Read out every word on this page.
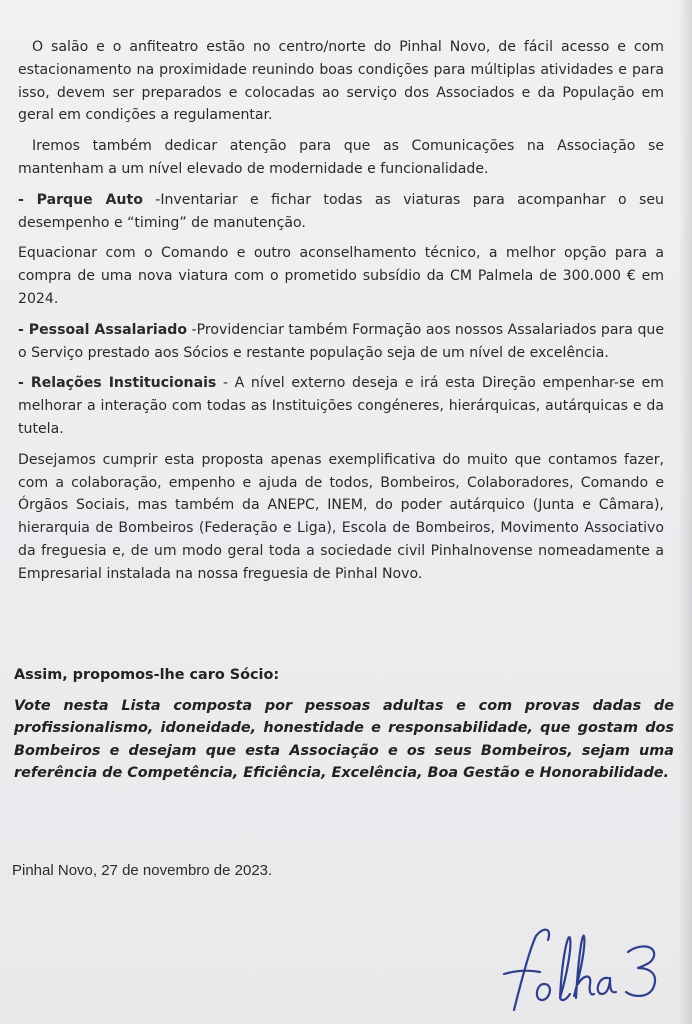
O salão e o anfiteatro estão no centro/norte do Pinhal Novo, de fácil acesso e com estacionamento na proximidade reunindo boas condições para múltiplas atividades e para isso, devem ser preparados e colocadas ao serviço dos Associados e da População em geral em condições a regulamentar.

Iremos também dedicar atenção para que as Comunicações na Associação se mantenham a um nível elevado de modernidade e funcionalidade.

- Parque Auto -Inventariar e fichar todas as viaturas para acompanhar o seu desempenho e “timing” de manutenção.

Equacionar com o Comando e outro aconselhamento técnico, a melhor opção para a compra de uma nova viatura com o prometido subsídio da CM Palmela de 300.000 € em 2024.

- Pessoal Assalariado -Providenciar também Formação aos nossos Assalariados para que o Serviço prestado aos Sócios e restante população seja de um nível de excelência.

- Relações Institucionais - A nível externo deseja e irá esta Direção empenhar-se em melhorar a interação com todas as Instituições congéneres, hierárquicas, autárquicas e da tutela.

Desejamos cumprir esta proposta apenas exemplificativa do muito que contamos fazer, com a colaboração, empenho e ajuda de todos, Bombeiros, Colaboradores, Comando e Órgãos Sociais, mas também da ANEPC, INEM, do poder autárquico (Junta e Câmara), hierarquia de Bombeiros (Federação e Liga), Escola de Bombeiros, Movimento Associativo da freguesia e, de um modo geral toda a sociedade civil Pinhalnovense nomeadamente a Empresarial instalada na nossa freguesia de Pinhal Novo.

Assim, propomos-lhe caro Sócio:

Vote nesta Lista composta por pessoas adultas e com provas dadas de profissionalismo, idoneidade, honestidade e responsabilidade, que gostam dos Bombeiros e desejam que esta Associação e os seus Bombeiros, sejam uma referência de Competência, Eficiência, Excelência, Boa Gestão e Honorabilidade.

Pinhal Novo, 27 de novembro de 2023.
